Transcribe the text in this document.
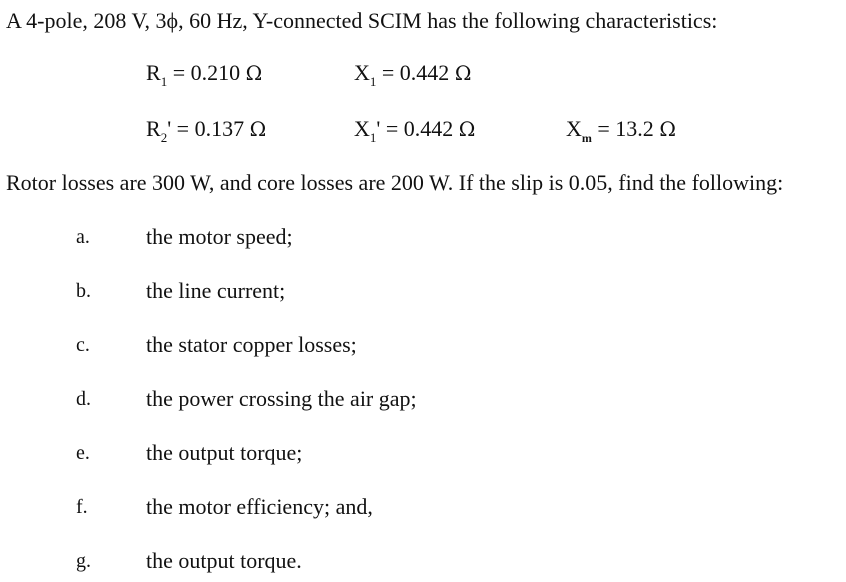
A 4-pole, 208 V, 3ϕ, 60 Hz, Y-connected SCIM has the following characteristics:
$R_1 = 0.210$ Ω	$X_1 = 0.442$ Ω
$R_2' = 0.137$ Ω	$X_1' = 0.442$ Ω	$X_m = 13.2$ Ω
Rotor losses are 300 W, and core losses are 200 W. If the slip is 0.05, find the following:
a.	the motor speed;
b.	the line current;
c.	the stator copper losses;
d.	the power crossing the air gap;
e.	the output torque;
f.	the motor efficiency; and,
g.	the output torque.
